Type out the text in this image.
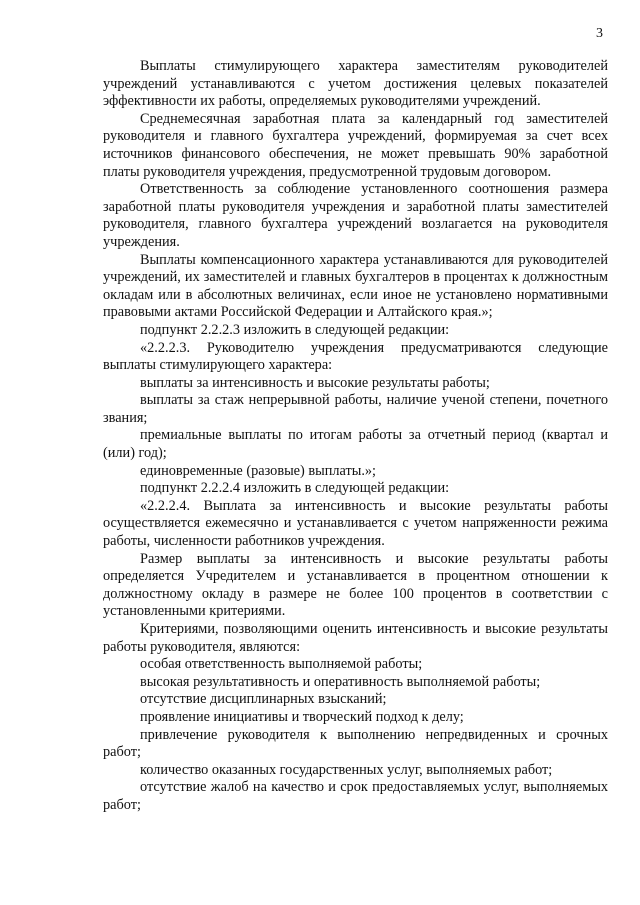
3

Выплаты стимулирующего характера заместителям руководителей учреждений устанавливаются с учетом достижения целевых показателей эффективности их работы, определяемых руководителями учреждений.

Среднемесячная заработная плата за календарный год заместителей руководителя и главного бухгалтера учреждений, формируемая за счет всех источников финансового обеспечения, не может превышать 90% заработной платы руководителя учреждения, предусмотренной трудовым договором.

Ответственность за соблюдение установленного соотношения размера заработной платы руководителя учреждения и заработной платы заместителей руководителя, главного бухгалтера учреждений возлагается на руководителя учреждения.

Выплаты компенсационного характера устанавливаются для руководителей учреждений, их заместителей и главных бухгалтеров в процентах к должностным окладам или в абсолютных величинах, если иное не установлено нормативными правовыми актами Российской Федерации и Алтайского края.»;

подпункт 2.2.2.3 изложить в следующей редакции:

«2.2.2.3. Руководителю учреждения предусматриваются следующие выплаты стимулирующего характера:

выплаты за интенсивность и высокие результаты работы;

выплаты за стаж непрерывной работы, наличие ученой степени, почетного звания;

премиальные выплаты по итогам работы за отчетный период (квартал и (или) год);

единовременные (разовые) выплаты.»;

подпункт 2.2.2.4 изложить в следующей редакции:

«2.2.2.4. Выплата за интенсивность и высокие результаты работы осуществляется ежемесячно и устанавливается с учетом напряженности режима работы, численности работников учреждения.

Размер выплаты за интенсивность и высокие результаты работы определяется Учредителем и устанавливается в процентном отношении к должностному окладу в размере не более 100 процентов в соответствии с установленными критериями.

Критериями, позволяющими оценить интенсивность и высокие результаты работы руководителя, являются:

особая ответственность выполняемой работы;

высокая результативность и оперативность выполняемой работы;

отсутствие дисциплинарных взысканий;

проявление инициативы и творческий подход к делу;

привлечение руководителя к выполнению непредвиденных и срочных работ;

количество оказанных государственных услуг, выполняемых работ;

отсутствие жалоб на качество и срок предоставляемых услуг, выполняемых работ;
